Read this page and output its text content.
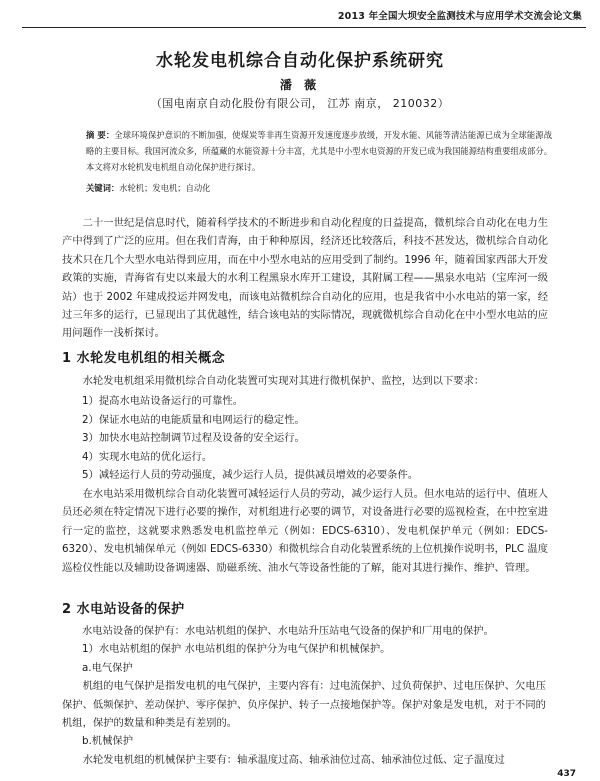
2013 年全国大坝安全监测技术与应用学术交流会论文集
水轮发电机综合自动化保护系统研究
潘 薇
（国电南京自动化股份有限公司， 江苏 南京， 210032）
摘 要：全球环境保护意识的不断加强，使煤炭等非再生资源开发速度逐步放缓，开发水能、风能等清洁能源已成为全球能源战略的主要目标。我国河流众多，所蕴藏的水能资源十分丰富，尤其是中小型水电资源的开发已成为我国能源结构重要组成部分。本文将对水轮机发电机组自动化保护进行探讨。
关键词：水轮机；发电机；自动化

二十一世纪是信息时代，随着科学技术的不断进步和自动化程度的日益提高，微机综合自动化在电力生产中得到了广泛的应用。但在我们青海，由于种种原因，经济还比较落后，科技不甚发达，微机综合自动化技术只在几个大型水电站得到应用，而在中小型水电站的应用受到了制约。1996 年，随着国家西部大开发政策的实施，青海省有史以来最大的水利工程黑泉水库开工建设，其附属工程——黑泉水电站（宝库河一级站）也于 2002 年建成投运并网发电，而该电站微机综合自动化的应用，也是我省中小水电站的第一家，经过三年多的运行，已显现出了其优越性，结合该电站的实际情况，现就微机综合自动化在中小型水电站的应用问题作一浅析探讨。

1 水轮发电机组的相关概念

水轮发电机组采用微机综合自动化装置可实现对其进行微机保护、监控，达到以下要求：

1）提高水电站设备运行的可靠性。
2）保证水电站的电能质量和电网运行的稳定性。
3）加快水电站控制调节过程及设备的安全运行。
4）实现水电站的优化运行。
5）减轻运行人员的劳动强度，减少运行人员，提供减员增效的必要条件。

在水电站采用微机综合自动化装置可减轻运行人员的劳动，减少运行人员。但水电站的运行中、值班人员还必须在特定情况下进行必要的操作，对机组进行必要的调节，对设备进行必要的巡视检查，在中控室进行一定的监控，这就要求熟悉发电机监控单元（例如：EDCS-6310）、发电机保护单元（例如：EDCS-6320）、发电机辅保单元（例如 EDCS-6330）和微机综合自动化装置系统的上位机操作说明书，PLC 温度巡检仪性能以及辅助设备调速器、励磁系统、油水气等设备性能的了解，能对其进行操作、维护、管理。

2 水电站设备的保护
水电站设备的保护有：水电站机组的保护、水电站升压站电气设备的保护和厂用电的保护。
1）水电站机组的保护 水电站机组的保护分为电气保护和机械保护。
a.电气保护
机组的电气保护是指发电机的电气保护，主要内容有：过电流保护、过负荷保护、过电压保护、欠电压保护、低频保护、差动保护、零序保护、负序保护、转子一点接地保护等。保护对象是发电机，对于不同的机组，保护的数量和种类是有差别的。
b.机械保护
水轮发电机组的机械保护主要有：轴承温度过高、轴承油位过高、轴承油位过低、定子温度过
437
